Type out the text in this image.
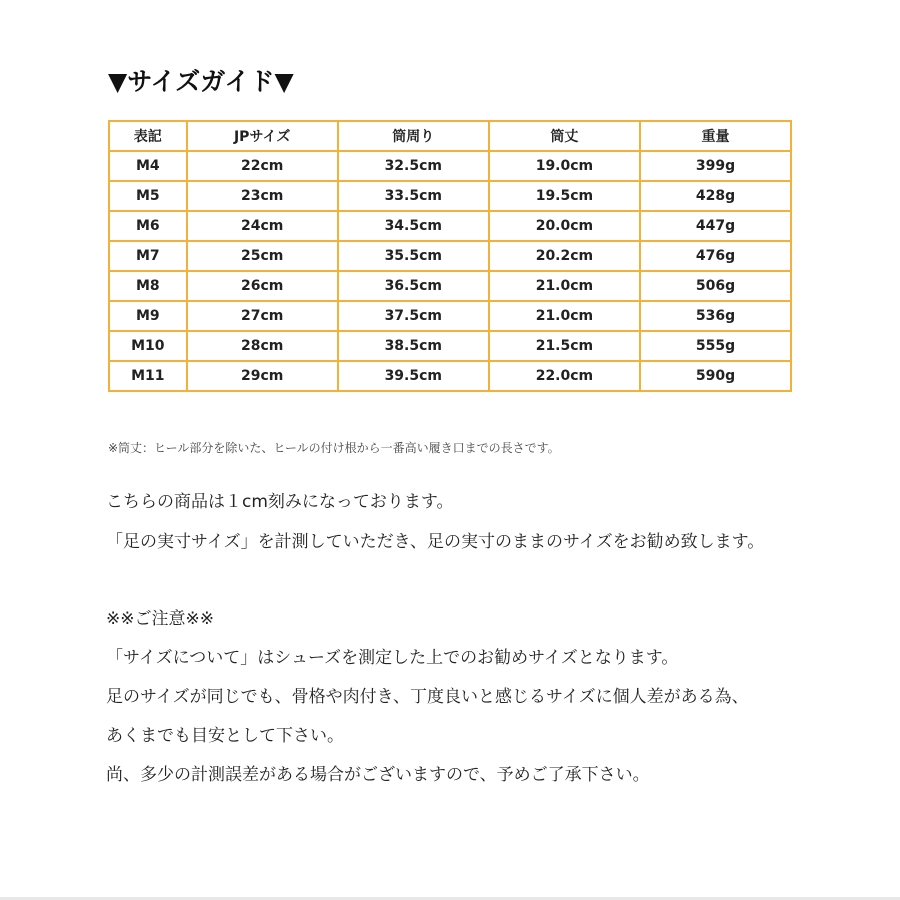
▼サイズガイド▼
表記	JPサイズ	筒周り	筒丈	重量
M4	22cm	32.5cm	19.0cm	399g
M5	23cm	33.5cm	19.5cm	428g
M6	24cm	34.5cm	20.0cm	447g
M7	25cm	35.5cm	20.2cm	476g
M8	26cm	36.5cm	21.0cm	506g
M9	27cm	37.5cm	21.0cm	536g
M10	28cm	38.5cm	21.5cm	555g
M11	29cm	39.5cm	22.0cm	590g
※筒丈：ヒール部分を除いた、ヒールの付け根から一番高い履き口までの長さです。
こちらの商品は１cm刻みになっております。
「足の実寸サイズ」を計測していただき、足の実寸のままのサイズをお勧め致します。
※※ご注意※※
「サイズについて」はシューズを測定した上でのお勧めサイズとなります。
足のサイズが同じでも、骨格や肉付き、丁度良いと感じるサイズに個人差がある為、
あくまでも目安として下さい。
尚、多少の計測誤差がある場合がございますので、予めご了承下さい。
